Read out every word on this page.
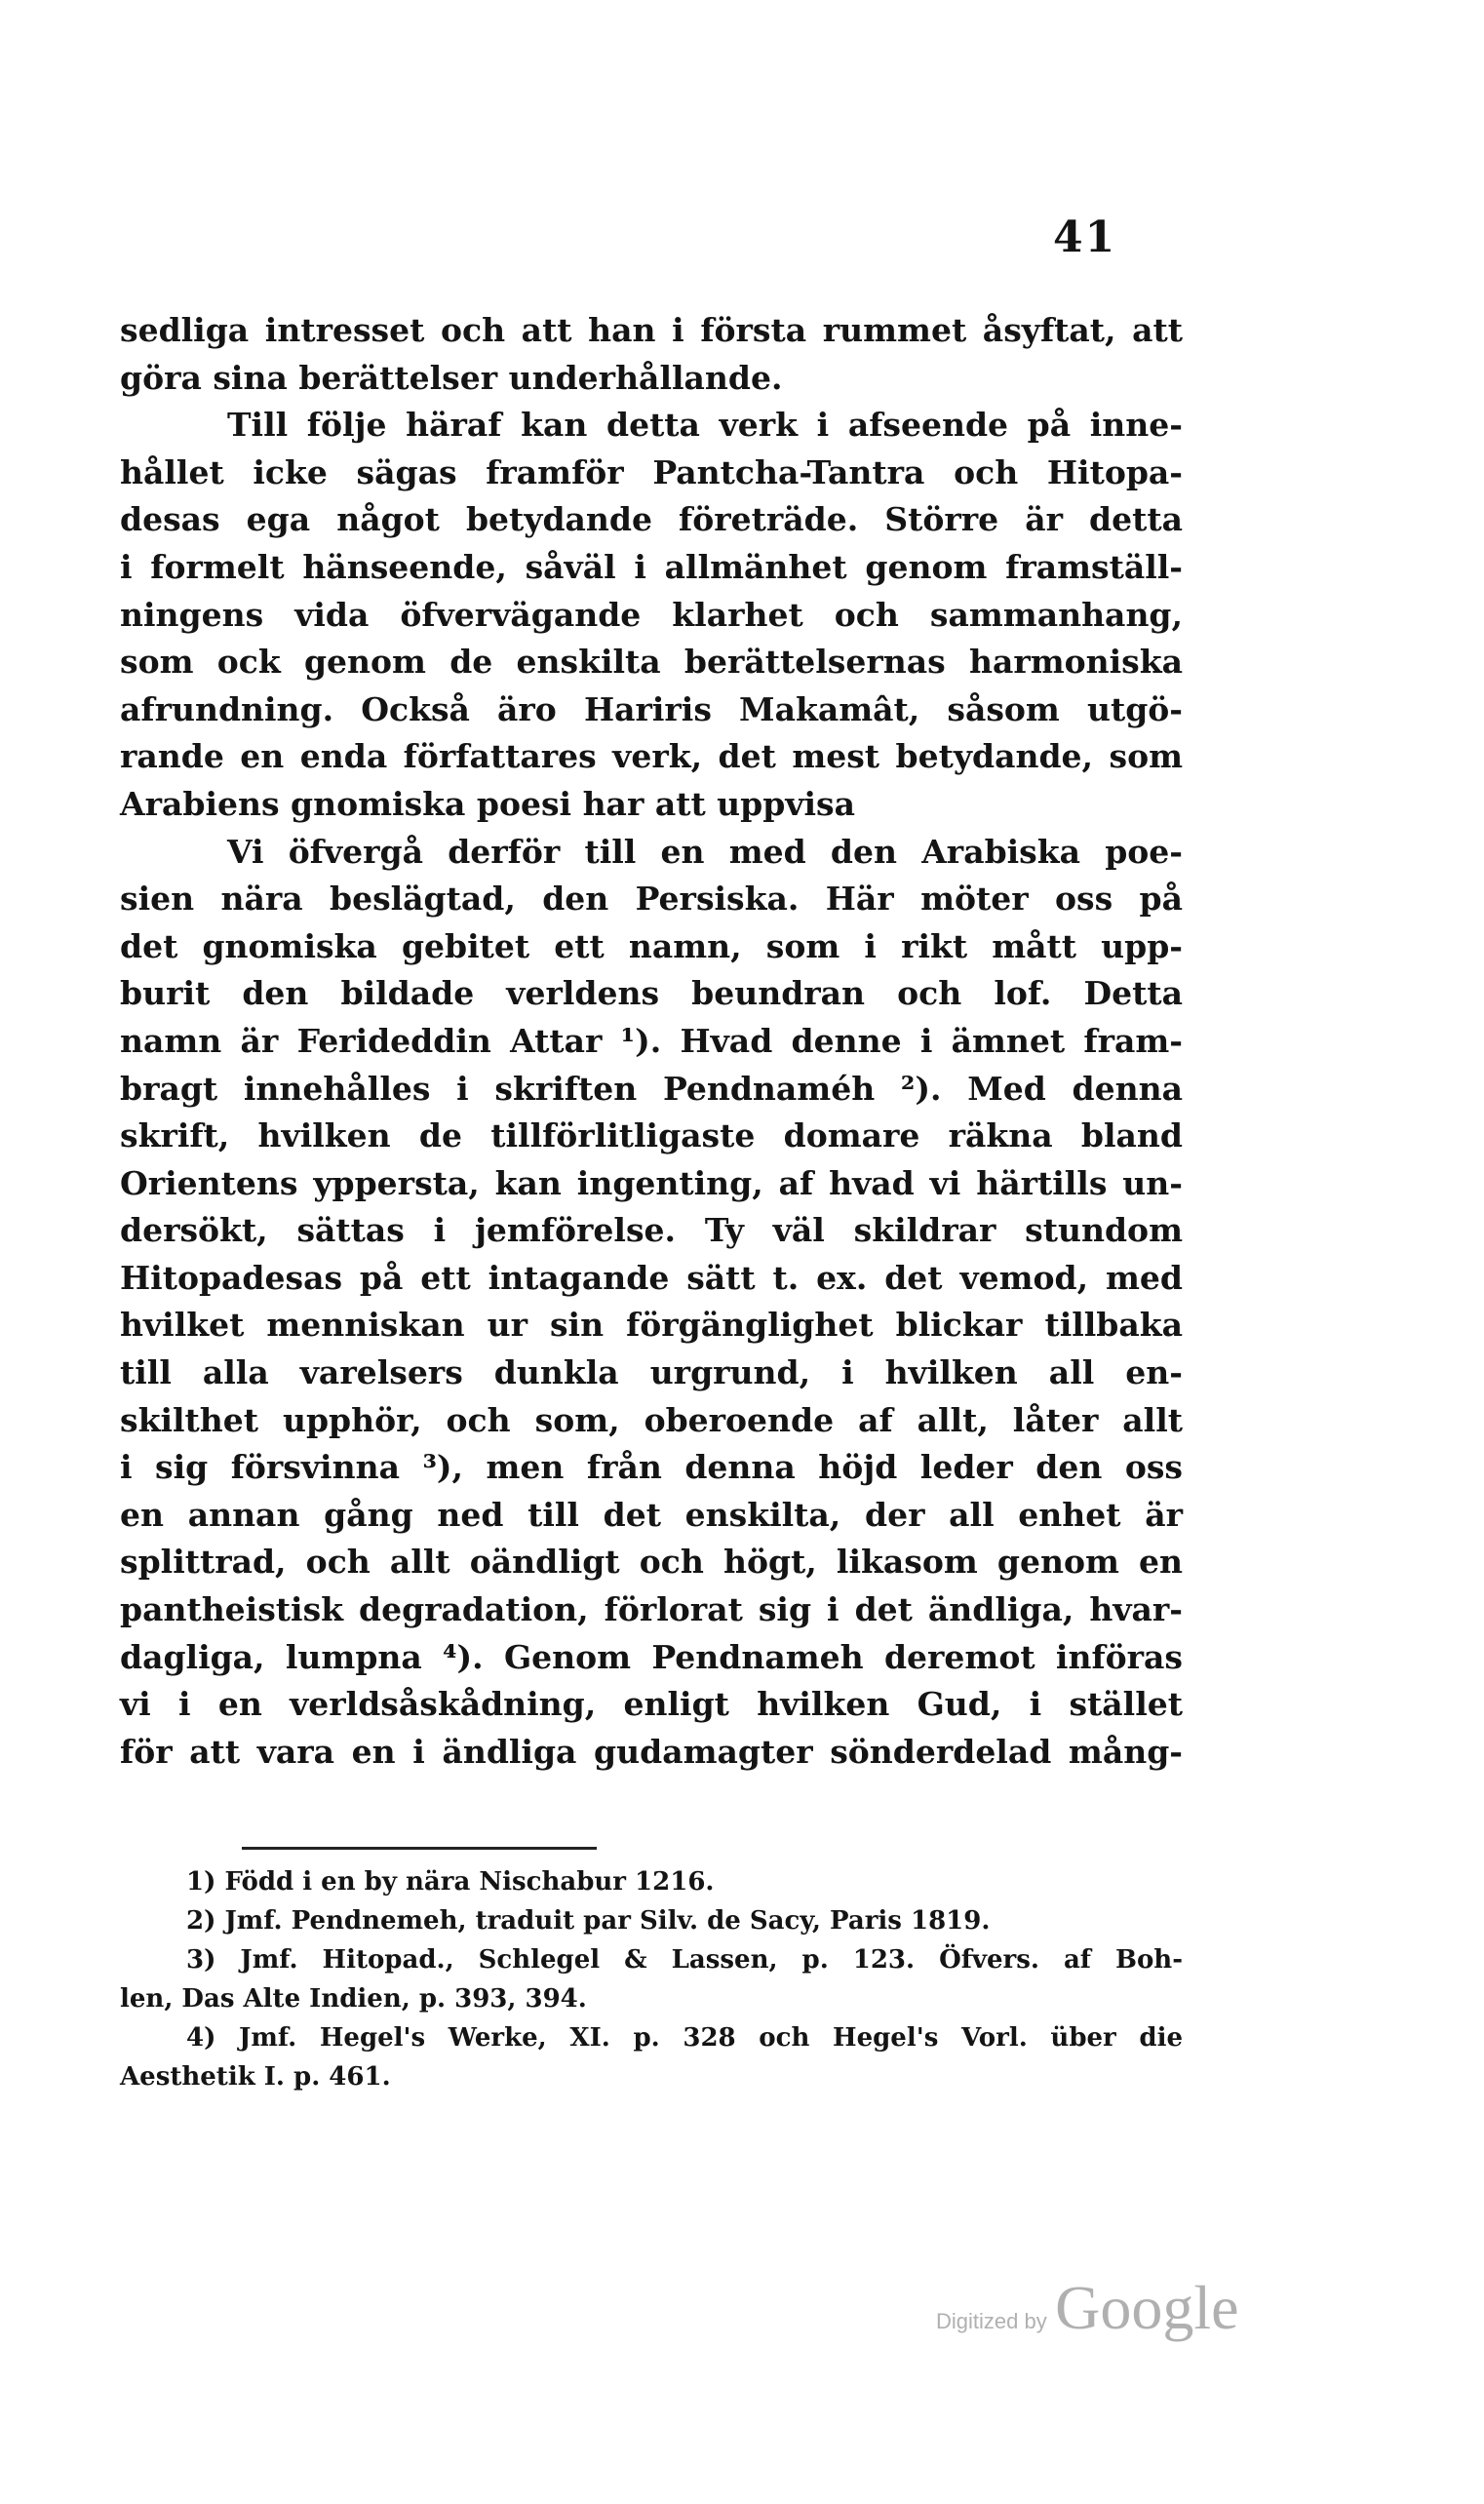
41
sedliga intresset och att han i första rummet åsyftat, att
göra sina berättelser underhållande.
Till följe häraf kan detta verk i afseende på inne-
hållet icke sägas framför Pantcha-Tantra och Hitopa-
desas ega något betydande företräde. Större är detta
i formelt hänseende, såväl i allmänhet genom framställ-
ningens vida öfvervägande klarhet och sammanhang,
som ock genom de enskilta berättelsernas harmoniska
afrundning. Också äro Hariris Makamât, såsom utgö-
rande en enda författares verk, det mest betydande, som
Arabiens gnomiska poesi har att uppvisa
Vi öfvergå derför till en med den Arabiska poe-
sien nära beslägtad, den Persiska. Här möter oss på
det gnomiska gebitet ett namn, som i rikt mått upp-
burit den bildade verldens beundran och lof. Detta
namn är Ferideddin Attar ¹). Hvad denne i ämnet fram-
bragt innehålles i skriften Pendnaméh ²). Med denna
skrift, hvilken de tillförlitligaste domare räkna bland
Orientens yppersta, kan ingenting, af hvad vi härtills un-
dersökt, sättas i jemförelse. Ty väl skildrar stundom
Hitopadesas på ett intagande sätt t. ex. det vemod, med
hvilket menniskan ur sin förgänglighet blickar tillbaka
till alla varelsers dunkla urgrund, i hvilken all en-
skilthet upphör, och som, oberoende af allt, låter allt
i sig försvinna ³), men från denna höjd leder den oss
en annan gång ned till det enskilta, der all enhet är
splittrad, och allt oändligt och högt, likasom genom en
pantheistisk degradation, förlorat sig i det ändliga, hvar-
dagliga, lumpna ⁴). Genom Pendnameh deremot införas
vi i en verldsåskådning, enligt hvilken Gud, i stället
för att vara en i ändliga gudamagter sönderdelad mång-
1) Född i en by nära Nischabur 1216.
2) Jmf. Pendnemeh, traduit par Silv. de Sacy, Paris 1819.
3) Jmf. Hitopad., Schlegel & Lassen, p. 123. Öfvers. af Boh-
len, Das Alte Indien, p. 393, 394.
4) Jmf. Hegel's Werke, XI. p. 328 och Hegel's Vorl. über die
Aesthetik I. p. 461.
Digitized by Google
